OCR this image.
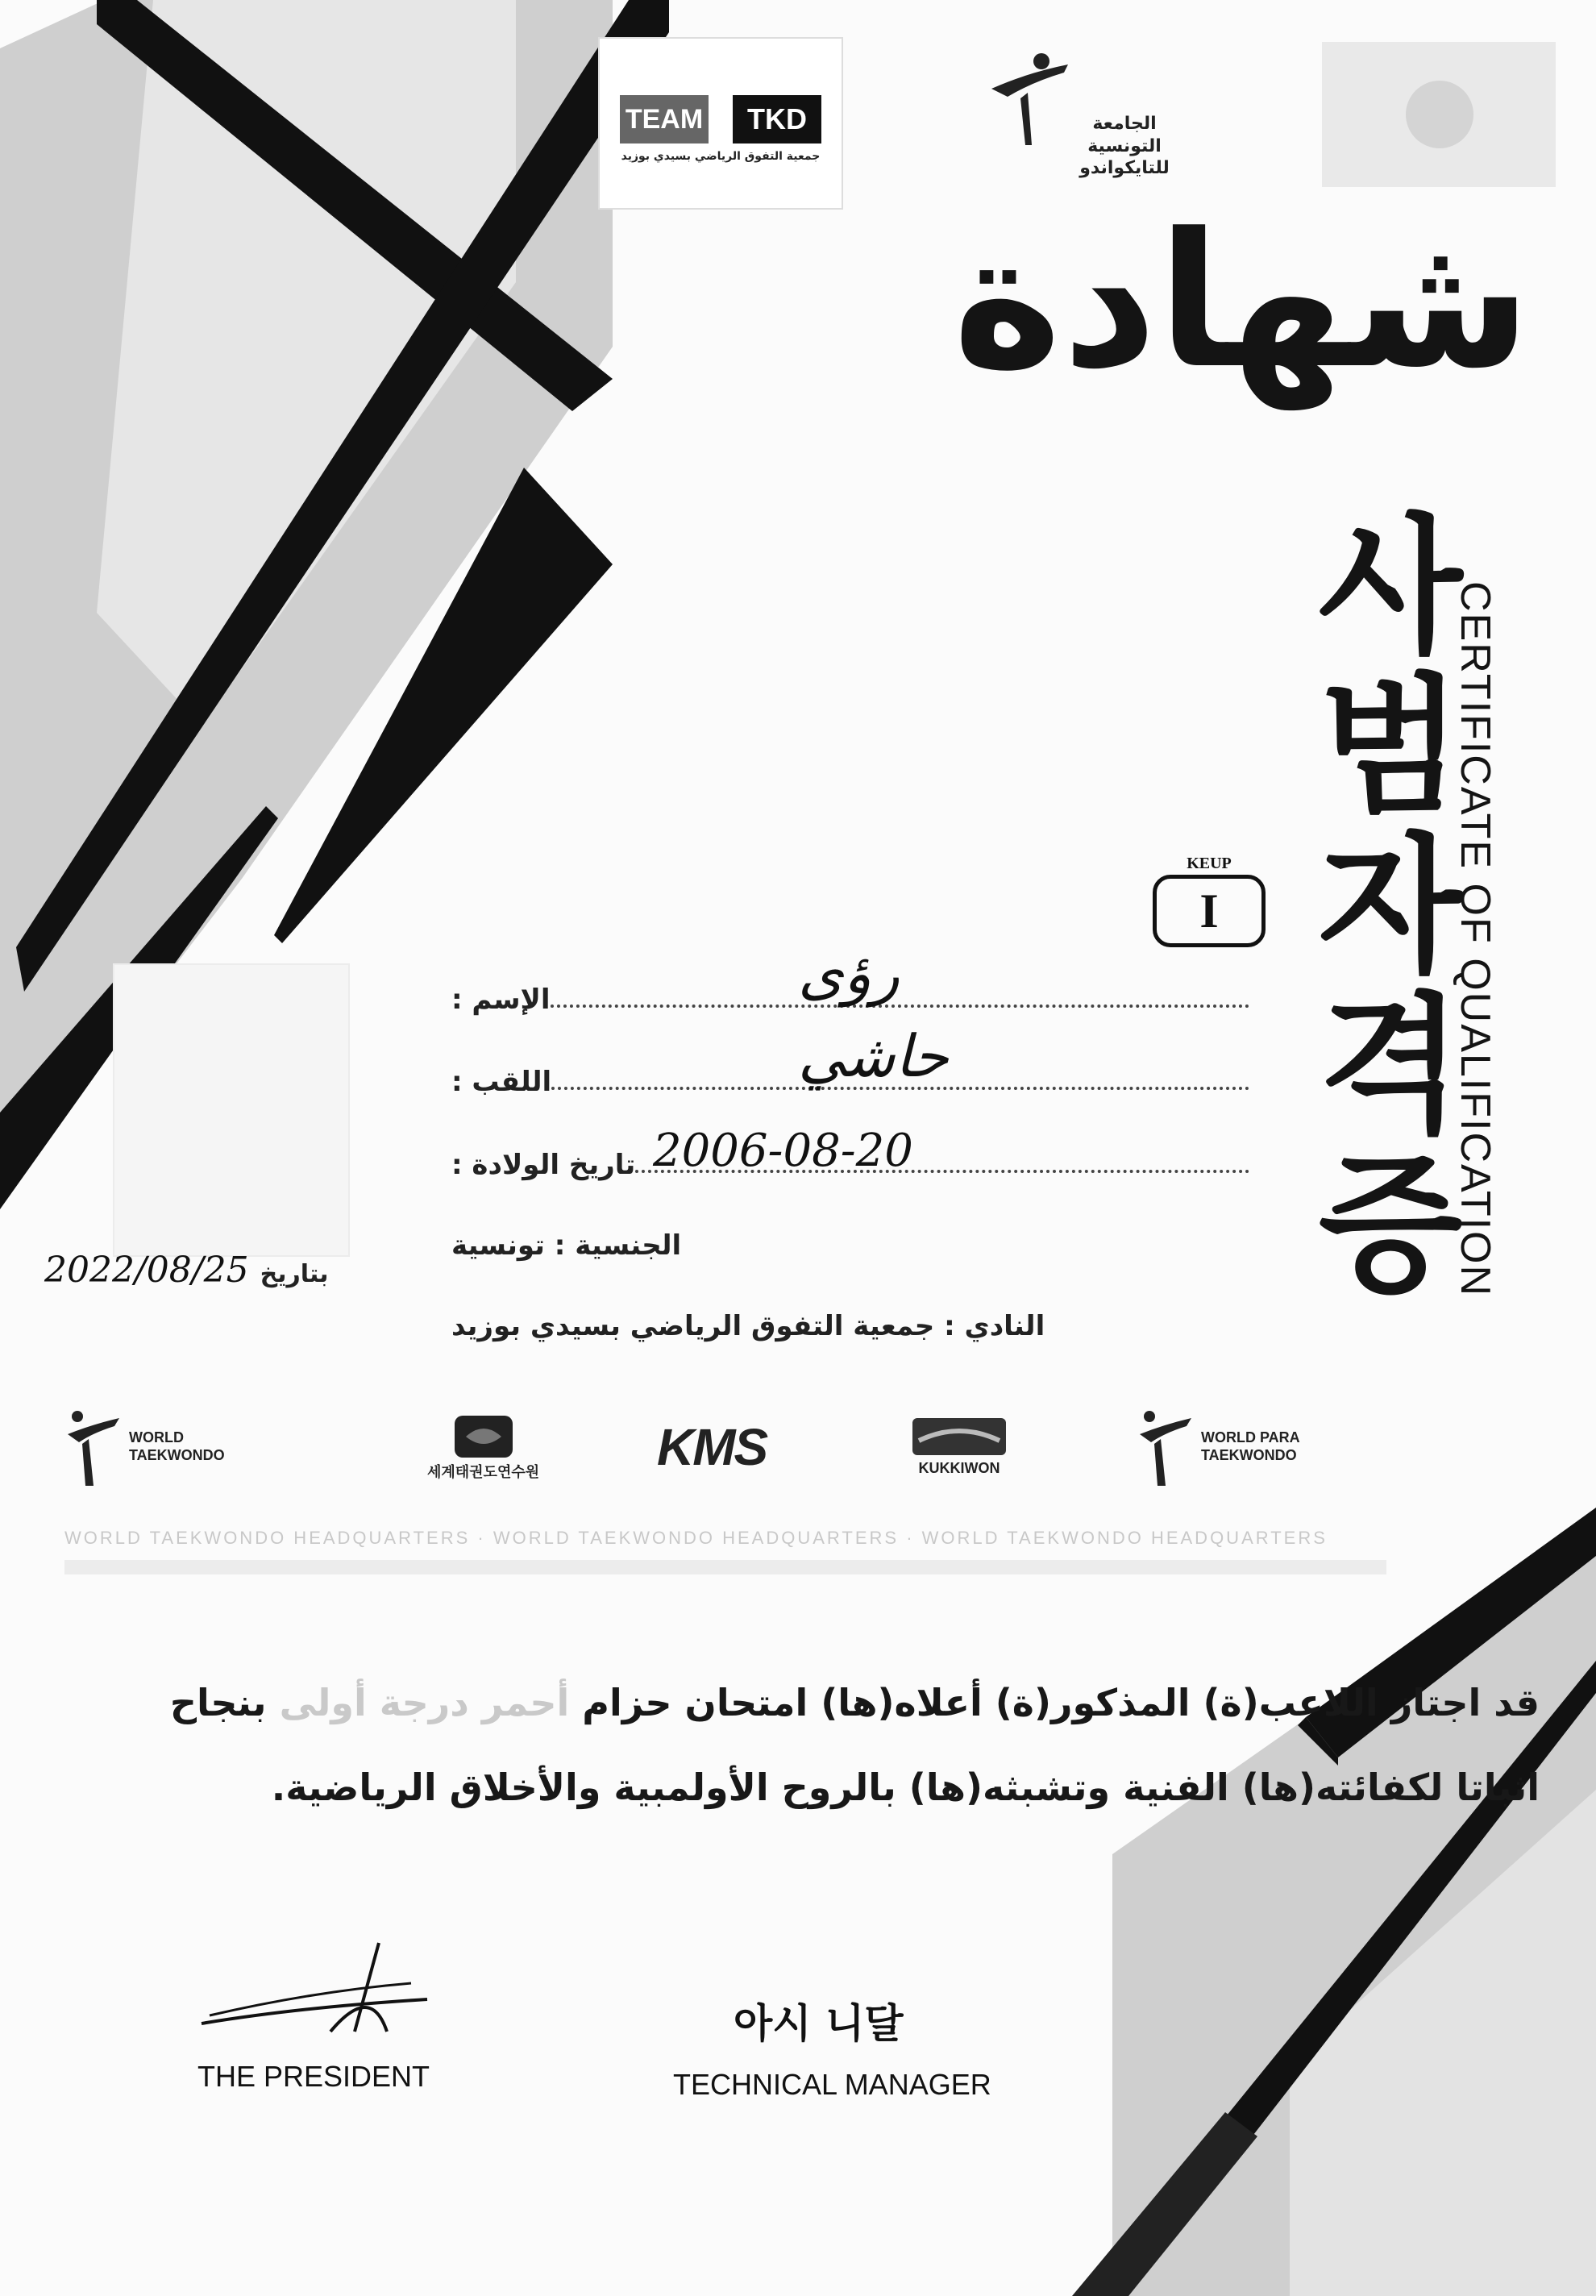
TEAM	TKD
جمعية التفوق الرياضي بسيدي بوزيد
الجامعة
التونسية
للتايكواندو
شهادة
사
범
자
격
증
CERTIFICATE OF QUALIFICATION
KEUP
I
الإسم :	رؤى
اللقب :	حاشي
تاريخ الولادة : 2006-08-20
الجنسية : تونسية
النادي : جمعية التفوق الرياضي بسيدي بوزيد
2022/08/25 بتاريخ
WORLD TAEKWONDO
세계태권도연수원 KMS	KUKKIWON
WORLD PARA TAEKWONDO
WORLD TAEKWONDO HEADQUARTERS · WORLD TAEKWONDO HEADQUARTERS · WORLD TAEKWONDO HEADQUARTERS
قد اجتاز اللاعب(ة) المذكور(ة) أعلاه(ها) امتحان حزام أحمر درجة أولى بنجاح
اثباتا لكفائته(ها) الفنية وتشبثه(ها) بالروح الأولمبية والأخلاق الرياضية.
THE PRESIDENT
아시 니달
TECHNICAL MANAGER
